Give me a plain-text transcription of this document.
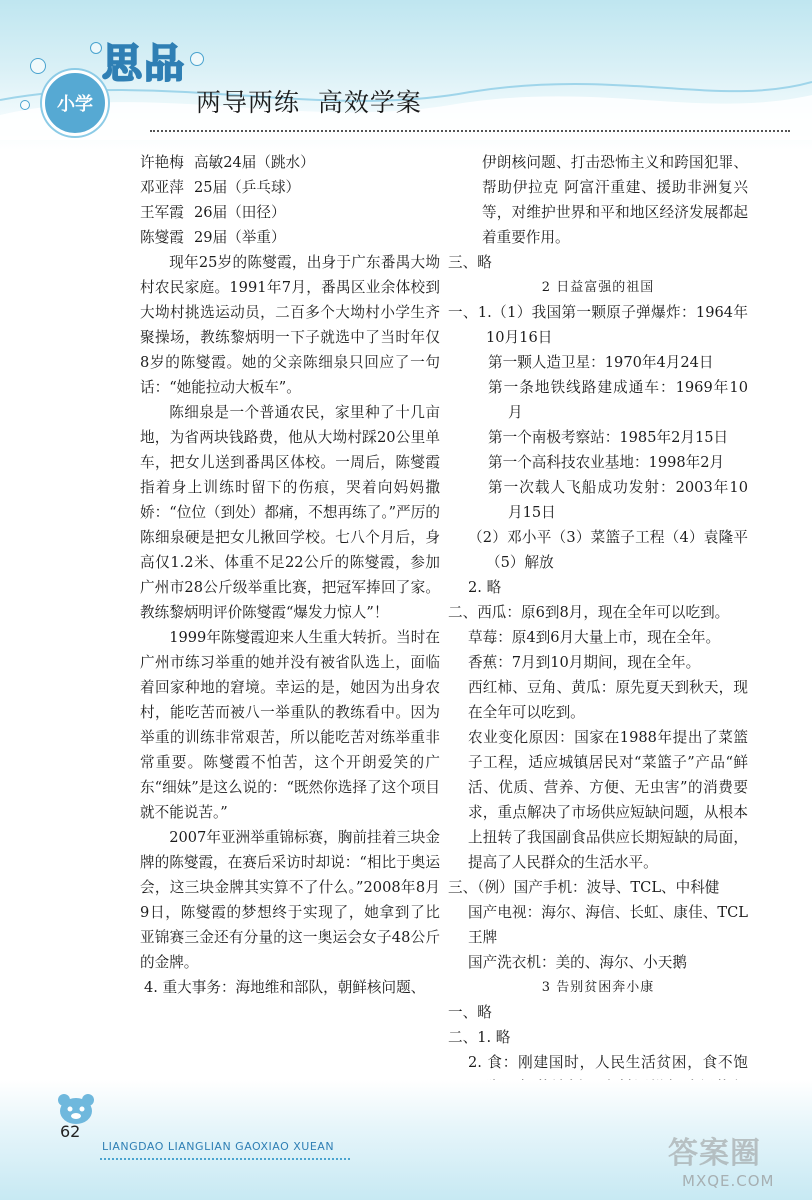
小学
思品
两导两练  高效学案
许艳梅 高敏24届（跳水）
邓亚萍 25届（乒乓球）
王军霞 26届（田径）
陈燮霞 29届（举重）

现年25岁的陈燮霞，出身于广东番禺大坳村农民家庭。1991年7月，番禺区业余体校到大坳村挑选运动员，二百多个大坳村小学生齐聚操场，教练黎炳明一下子就选中了当时年仅8岁的陈燮霞。她的父亲陈细泉只回应了一句话：“她能拉动大板车”。

陈细泉是一个普通农民，家里种了十几亩地，为省两块钱路费，他从大坳村踩20公里单车，把女儿送到番禺区体校。一周后，陈燮霞指着身上训练时留下的伤痕，哭着向妈妈撒娇：“位位（到处）都痛，不想再练了。”严厉的陈细泉硬是把女儿揪回学校。七八个月后，身高仅1.2米、体重不足22公斤的陈燮霞，参加广州市28公斤级举重比赛，把冠军捧回了家。教练黎炳明评价陈燮霞“爆发力惊人”！

1999年陈燮霞迎来人生重大转折。当时在广州市练习举重的她并没有被省队选上，面临着回家种地的窘境。幸运的是，她因为出身农村，能吃苦而被八一举重队的教练看中。因为举重的训练非常艰苦，所以能吃苦对练举重非常重要。陈燮霞不怕苦，这个开朗爱笑的广东“细妹”是这么说的：“既然你选择了这个项目就不能说苦。”

2007年亚洲举重锦标赛，胸前挂着三块金牌的陈燮霞，在赛后采访时却说：“相比于奥运会，这三块金牌其实算不了什么。”2008年8月9日，陈燮霞的梦想终于实现了，她拿到了比亚锦赛三金还有分量的这一奥运会女子48公斤的金牌。

4. 重大事务：海地维和部队，朝鲜核问题、

伊朗核问题、打击恐怖主义和跨国犯罪、帮助伊拉克 阿富汗重建、援助非洲复兴等，对维护世界和平和地区经济发展都起着重要作用。

三、略

2 日益富强的祖国

一、1.（1）我国第一颗原子弹爆炸：1964年10月16日

第一颗人造卫星：1970年4月24日

第一条地铁线路建成通车：1969年10月

第一个南极考察站：1985年2月15日

第一个高科技农业基地：1998年2月

第一次载人飞船成功发射：2003年10月15日

（2）邓小平（3）菜篮子工程（4）袁隆平（5）解放

2. 略

二、西瓜：原6到8月，现在全年可以吃到。

草莓：原4到6月大量上市，现在全年。

香蕉：7月到10月期间，现在全年。

西红柿、豆角、黄瓜：原先夏天到秋天，现在全年可以吃到。

农业变化原因：国家在1988年提出了菜篮子工程，适应城镇居民对“菜篮子”产品“鲜活、优质、营养、方便、无虫害”的消费要求，重点解决了市场供应短缺问题，从根本上扭转了我国副食品供应长期短缺的局面，提高了人民群众的生活水平。

三、（例）国产手机：波导、TCL、中科健

国产电视：海尔、海信、长虹、康佳、TCL王牌

国产洗衣机：美的、海尔、小天鹅

3 告别贫困奔小康

一、略

二、1. 略

2. 食：刚建国时，人民生活贫困，食不饱

62
LIANGDAO LIANGLIAN GAOXIAO XUEAN	答案圈
MXQE.COM
